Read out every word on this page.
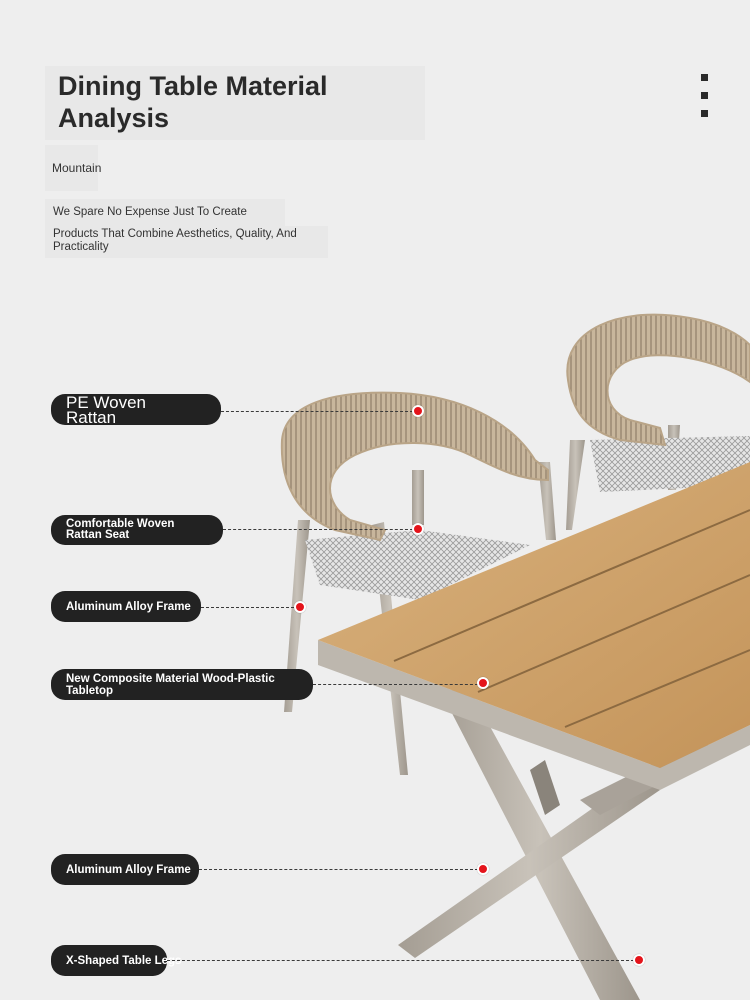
Dining Table Material Analysis
Mountain
We Spare No Expense Just To Create
Products That Combine Aesthetics, Quality, And Practicality
PE Woven Rattan
Comfortable Woven Rattan Seat
Aluminum Alloy Frame
New Composite Material Wood-Plastic Tabletop
Aluminum Alloy Frame
X-Shaped Table Legs
